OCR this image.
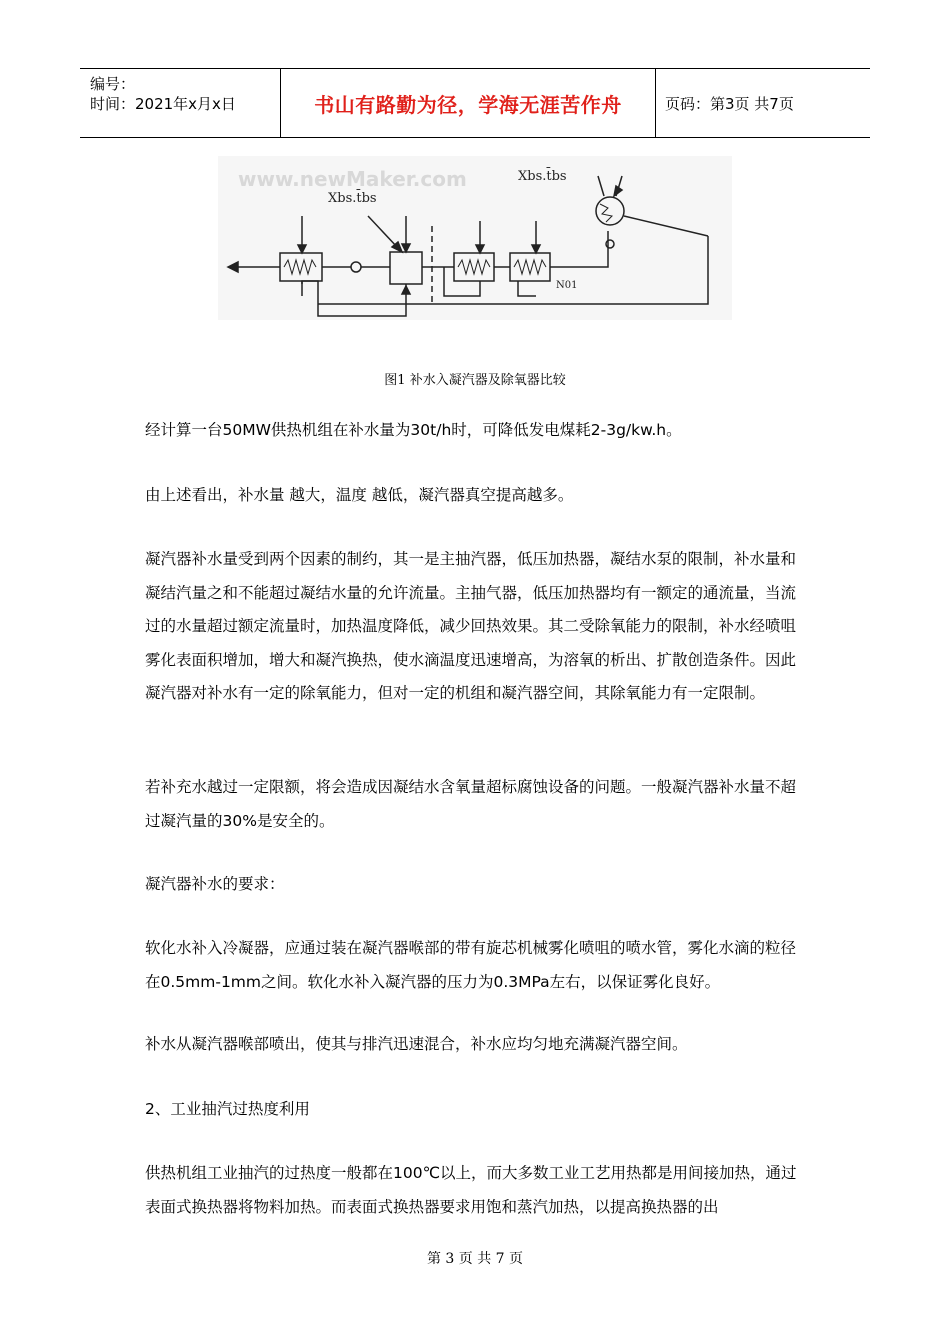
编号：
时间：2021年x月x日	书山有路勤为径，学海无涯苦作舟	页码：第3页 共7页
www.newMaker.com
Xbs.t̄bs
N01
Xbs.t̄bs
图1 补水入凝汽器及除氧器比较

经计算一台50MW供热机组在补水量为30t/h时，可降低发电煤耗2-3g/kw.h。

由上述看出，补水量 越大，温度 越低，凝汽器真空提高越多。

凝汽器补水量受到两个因素的制约，其一是主抽汽器，低压加热器，凝结水泵的限制，补水量和凝结汽量之和不能超过凝结水量的允许流量。主抽气器，低压加热器均有一额定的通流量，当流过的水量超过额定流量时，加热温度降低，减少回热效果。其二受除氧能力的限制，补水经喷咀雾化表面积增加，增大和凝汽换热，使水滴温度迅速增高，为溶氧的析出、扩散创造条件。因此凝汽器对补水有一定的除氧能力，但对一定的机组和凝汽器空间，其除氧能力有一定限制。

若补充水越过一定限额，将会造成因凝结水含氧量超标腐蚀设备的问题。一般凝汽器补水量不超过凝汽量的30%是安全的。

凝汽器补水的要求：

软化水补入冷凝器，应通过装在凝汽器喉部的带有旋芯机械雾化喷咀的喷水管，雾化水滴的粒径在0.5mm-1mm之间。软化水补入凝汽器的压力为0.3MPa左右，以保证雾化良好。

补水从凝汽器喉部喷出，使其与排汽迅速混合，补水应均匀地充满凝汽器空间。

2、工业抽汽过热度利用

供热机组工业抽汽的过热度一般都在100℃以上，而大多数工业工艺用热都是用间接加热，通过表面式换热器将物料加热。而表面式换热器要求用饱和蒸汽加热，以提高换热器的出

第 3 页 共 7 页
